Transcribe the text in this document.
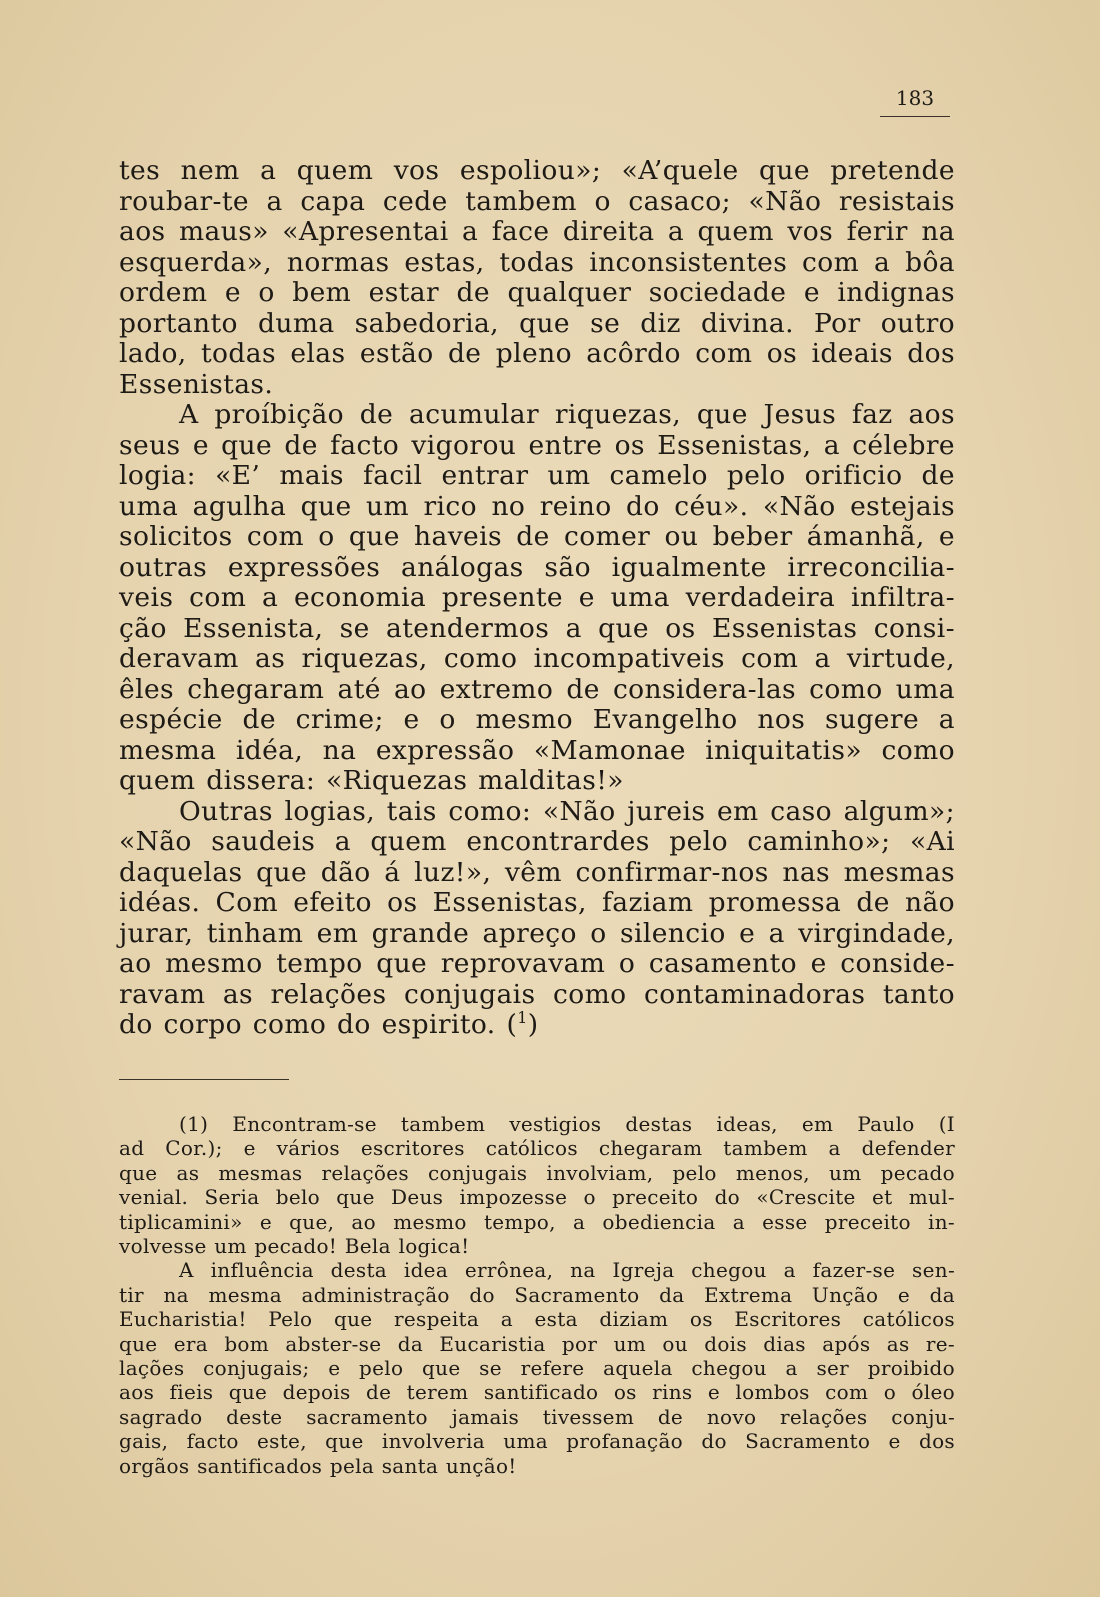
183
tes nem a quem vos espoliou»; «A’quele que pretende
roubar-te a capa cede tambem o casaco; «Não resistais
aos maus» «Apresentai a face direita a quem vos ferir na
esquerda», normas estas, todas inconsistentes com a bôa
ordem e o bem estar de qualquer sociedade e indignas
portanto duma sabedoria, que se diz divina. Por outro
lado, todas elas estão de pleno acôrdo com os ideais dos
Essenistas.
A proíbição de acumular riquezas, que Jesus faz aos
seus e que de facto vigorou entre os Essenistas, a célebre
logia: «E’ mais facil entrar um camelo pelo orificio de
uma agulha que um rico no reino do céu». «Não estejais
solicitos com o que haveis de comer ou beber ámanhã, e
outras expressões análogas são igualmente irreconcilia-
veis com a economia presente e uma verdadeira infiltra-
ção Essenista, se atendermos a que os Essenistas consi-
deravam as riquezas, como incompativeis com a virtude,
êles chegaram até ao extremo de considera-las como uma
espécie de crime; e o mesmo Evangelho nos sugere a
mesma idéa, na expressão «Mamonae iniquitatis» como
quem dissera: «Riquezas malditas!»
Outras logias, tais como: «Não jureis em caso algum»;
«Não saudeis a quem encontrardes pelo caminho»; «Ai
daquelas que dão á luz!», vêm confirmar-nos nas mesmas
idéas. Com efeito os Essenistas, faziam promessa de não
jurar, tinham em grande apreço o silencio e a virgindade,
ao mesmo tempo que reprovavam o casamento e conside-
ravam as relações conjugais como contaminadoras tanto
do corpo como do espirito. ($^1$)
(1) Encontram-se tambem vestigios destas ideas, em Paulo (I
ad Cor.); e vários escritores católicos chegaram tambem a defender
que as mesmas relações conjugais involviam, pelo menos, um pecado
venial. Seria belo que Deus impozesse o preceito do «Crescite et mul-
tiplicamini» e que, ao mesmo tempo, a obediencia a esse preceito in-
volvesse um pecado! Bela logica!
A influência desta idea errônea, na Igreja chegou a fazer-se sen-
tir na mesma administração do Sacramento da Extrema Unção e da
Eucharistia! Pelo que respeita a esta diziam os Escritores católicos
que era bom abster-se da Eucaristia por um ou dois dias após as re-
lações conjugais; e pelo que se refere aquela chegou a ser proibido
aos fieis que depois de terem santificado os rins e lombos com o óleo
sagrado deste sacramento jamais tivessem de novo relações conju-
gais, facto este, que involveria uma profanação do Sacramento e dos
orgãos santificados pela santa unção!
